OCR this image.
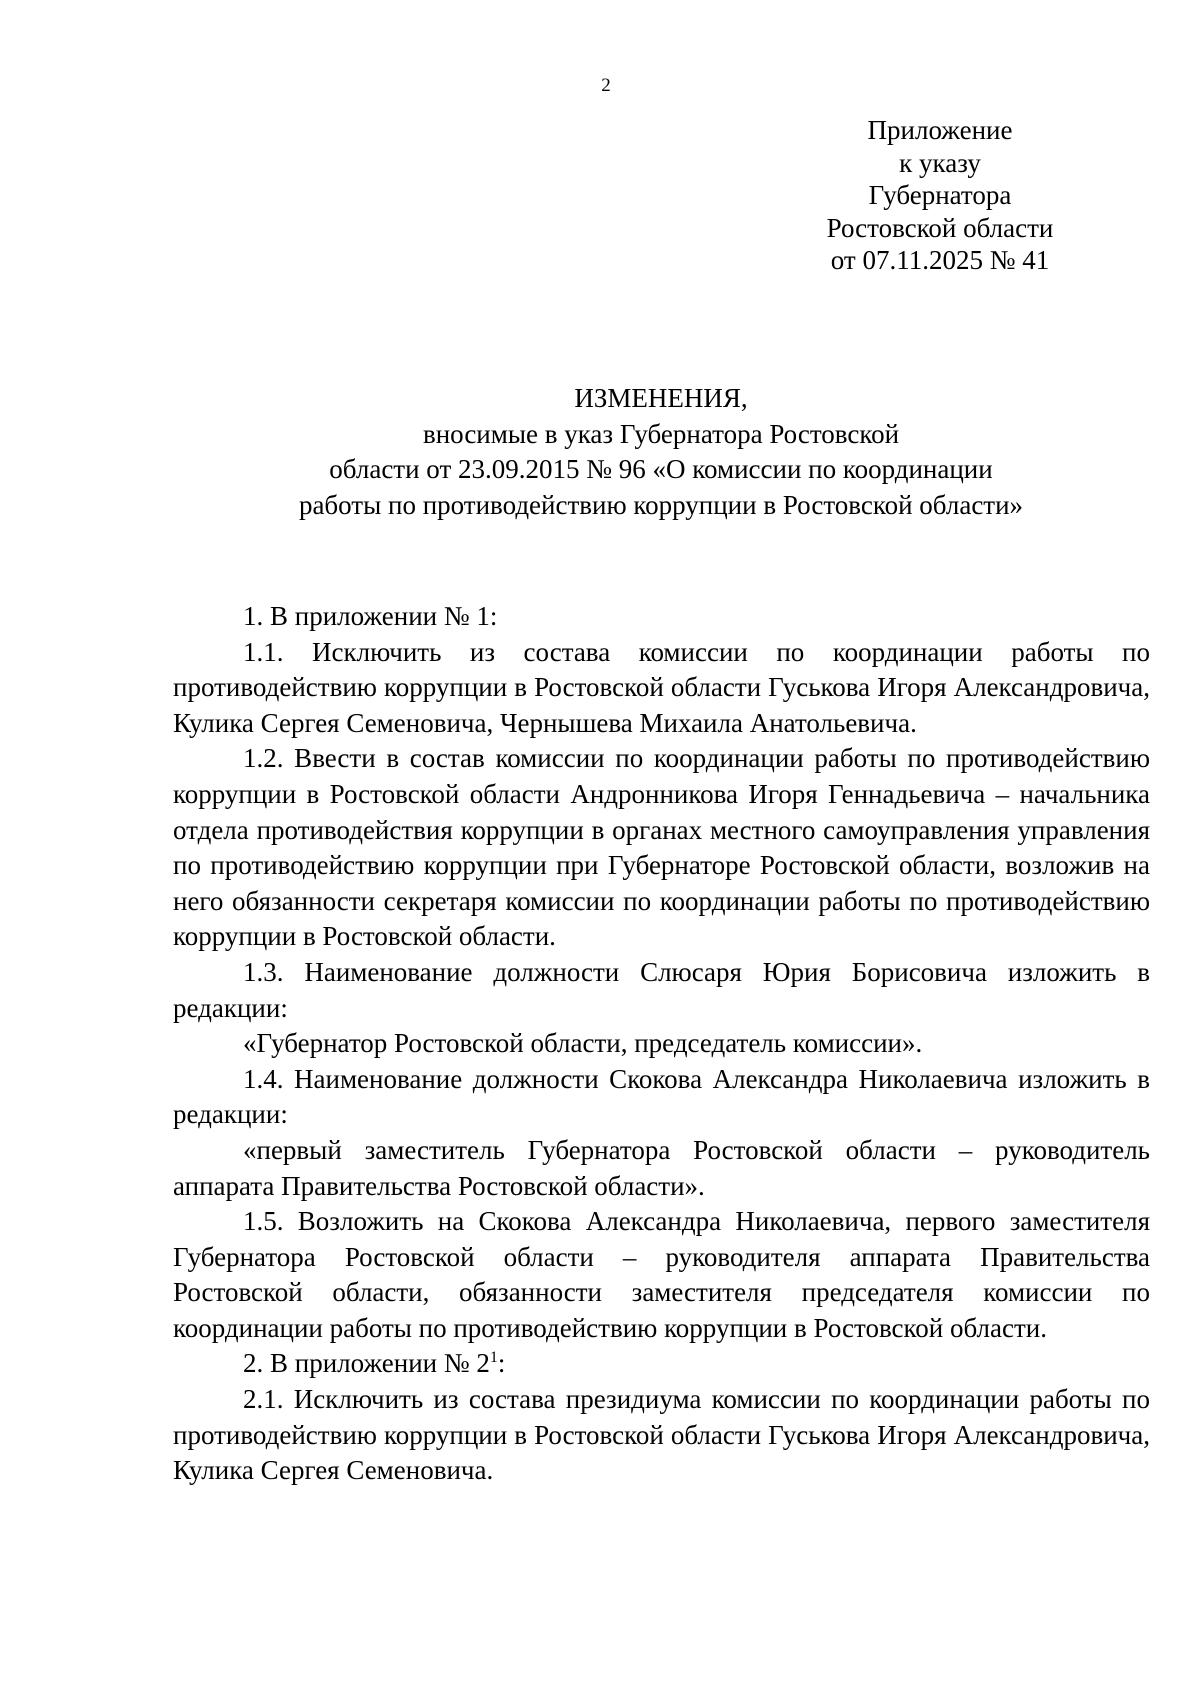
2
Приложение
к указу
Губернатора
Ростовской области
от 07.11.2025 № 41
ИЗМЕНЕНИЯ,
вносимые в указ Губернатора Ростовской
области от 23.09.2015 № 96 «О комиссии по координации
работы по противодействию коррупции в Ростовской области»

1. В приложении № 1:

1.1. Исключить из состава комиссии по координации работы по противодействию коррупции в Ростовской области Гуськова Игоря Александровича, Кулика Сергея Семеновича, Чернышева Михаила Анатольевича.

1.2. Ввести в состав комиссии по координации работы по противодействию коррупции в Ростовской области Андронникова Игоря Геннадьевича – начальника отдела противодействия коррупции в органах местного самоуправления управления по противодействию коррупции при Губернаторе Ростовской области, возложив на него обязанности секретаря комиссии по координации работы по противодействию коррупции в Ростовской области.

1.3. Наименование должности Слюсаря Юрия Борисовича изложить в редакции:

«Губернатор Ростовской области, председатель комиссии».

1.4. Наименование должности Скокова Александра Николаевича изложить в редакции:

«первый заместитель Губернатора Ростовской области – руководитель аппарата Правительства Ростовской области».

1.5. Возложить на Скокова Александра Николаевича, первого заместителя Губернатора Ростовской области – руководителя аппарата Правительства Ростовской области, обязанности заместителя председателя комиссии по координации работы по противодействию коррупции в Ростовской области.

2. В приложении № $2^1$:

2.1. Исключить из состава президиума комиссии по координации работы по противодействию коррупции в Ростовской области Гуськова Игоря Александровича, Кулика Сергея Семеновича.
